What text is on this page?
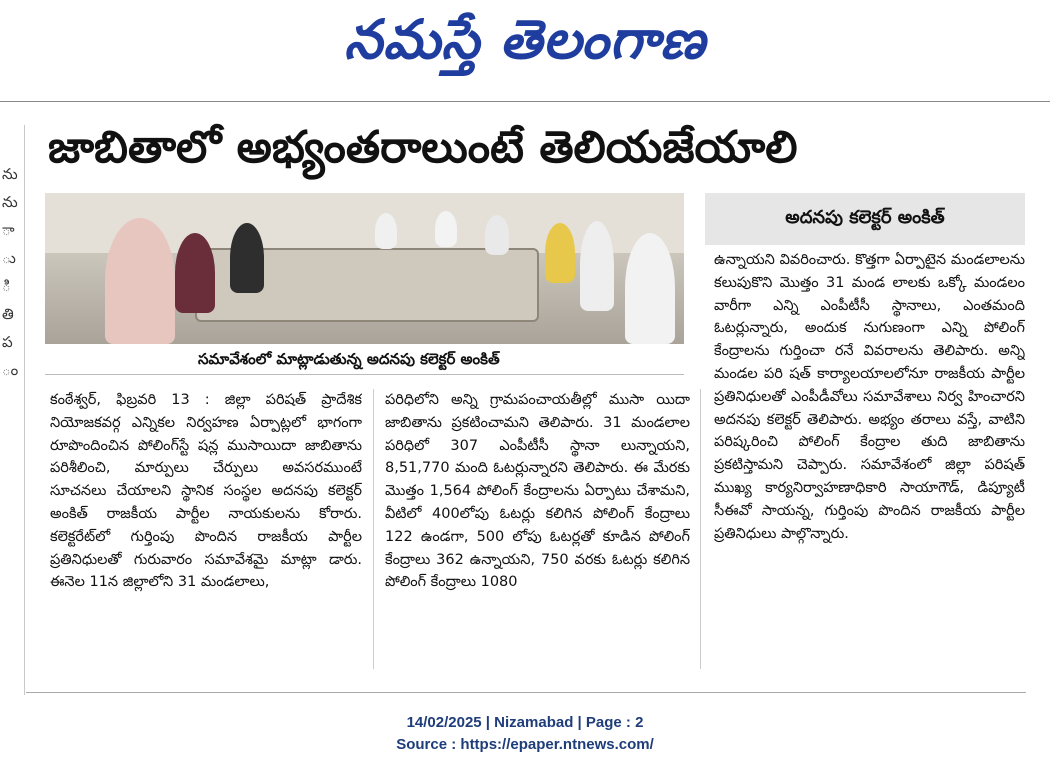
నమస్తే తెలంగాణ
ను
ను
ా
ు
ి
తి
ప
ం
జాబితాలో అభ్యంతరాలుంటే తెలియజేయాలి
సమావేశంలో మాట్లాడుతున్న అదనపు కలెక్టర్ అంకిత్
అదనపు కలెక్టర్ అంకిత్
కంఠేశ్వర్, ఫిబ్రవరి 13 : జిల్లా పరిషత్ ప్రాదేశిక నియోజకవర్గ ఎన్నికల నిర్వహణ ఏర్పాట్లలో భాగంగా రూపొందించిన పోలింగ్‌స్టే షన్ల ముసాయిదా జాబితాను పరిశీలించి, మార్పులు చేర్పులు అవసరముంటే సూచనలు చేయాలని స్థానిక సంస్థల అదనపు కలెక్టర్ అంకిత్ రాజకీయ పార్టీల నాయకులను కోరారు. కలెక్టరేట్‌లో గుర్తింపు పొందిన రాజకీయ పార్టీల ప్రతినిధులతో గురువారం సమావేశమై మాట్లా డారు. ఈనెల 11న జిల్లాలోని 31 మండలాలు,
పరిధిలోని అన్ని గ్రామపంచాయతీల్లో ముసా యిదా జాబితాను ప్రకటించామని తెలిపారు. 31 మండలాల పరిధిలో 307 ఎంపీటీసీ స్థానా లున్నాయని, 8,51,770 మంది ఓటర్లున్నారని తెలిపారు. ఈ మేరకు మొత్తం 1,564 పోలింగ్ కేంద్రాలను ఏర్పాటు చేశామని, వీటిలో 400లోపు ఓటర్లు కలిగిన పోలింగ్ కేంద్రాలు 122 ఉండగా, 500 లోపు ఓటర్లతో కూడిన పోలింగ్ కేంద్రాలు 362 ఉన్నాయని, 750 వరకు ఓటర్లు కలిగిన పోలింగ్ కేంద్రాలు 1080
ఉన్నాయని వివరించారు. కొత్తగా ఏర్పాటైన మండలాలను కలుపుకొని మొత్తం 31 మండ లాలకు ఒక్కో మండలం వారీగా ఎన్ని ఎంపీటీసీ స్థానాలు, ఎంతమంది ఓటర్లున్నారు, అందుక నుగుణంగా ఎన్ని పోలింగ్ కేంద్రాలను గుర్తించా రనే వివరాలను తెలిపారు. అన్ని మండల పరి షత్ కార్యాలయాలలోనూ రాజకీయ పార్టీల ప్రతినిధులతో ఎంపీడీవోలు సమావేశాలు నిర్వ హించారని అదనపు కలెక్టర్ తెలిపారు. అభ్యం తరాలు వస్తే, వాటిని పరిష్కరించి పోలింగ్ కేంద్రాల తుది జాబితాను ప్రకటిస్తామని చెప్పారు. సమావేశంలో జిల్లా పరిషత్ ముఖ్య కార్యనిర్వాహణాధికారి సాయాగౌడ్, డిప్యూటీ సీఈవో సాయన్న, గుర్తింపు పొందిన రాజకీయ పార్టీల ప్రతినిధులు పాల్గొన్నారు.
14/02/2025 | Nizamabad | Page : 2
Source : https://epaper.ntnews.com/
